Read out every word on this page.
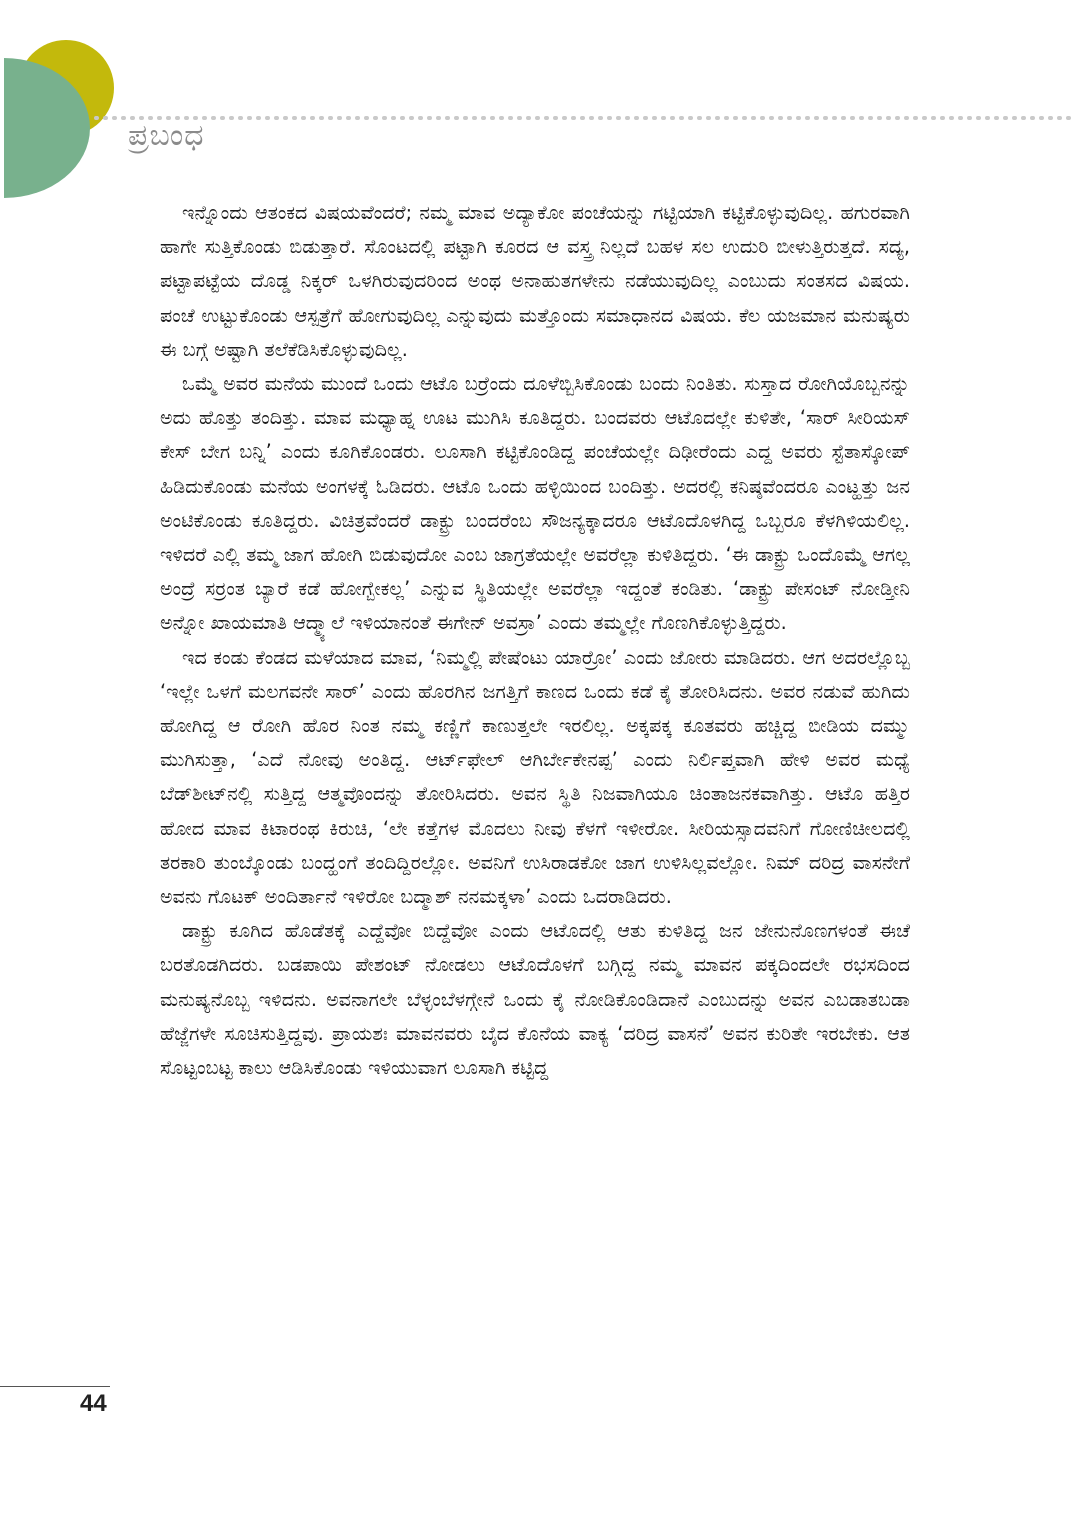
ಪ್ರಬಂಧ

ಇನ್ನೊಂದು ಆತಂಕದ ವಿಷಯವೆಂದರೆ; ನಮ್ಮ ಮಾವ ಅದ್ಯಾಕೋ ಪಂಚೆಯನ್ನು ಗಟ್ಟಿಯಾಗಿ ಕಟ್ಟಿಕೊಳ್ಳುವುದಿಲ್ಲ. ಹಗುರವಾಗಿ ಹಾಗೇ ಸುತ್ತಿಕೊಂಡು ಬಿಡುತ್ತಾರೆ. ಸೊಂಟದಲ್ಲಿ ಪಟ್ಟಾಗಿ ಕೂರದ ಆ ವಸ್ತ್ರ ನಿಲ್ಲದೆ ಬಹಳ ಸಲ ಉದುರಿ ಬೀಳುತ್ತಿರುತ್ತದೆ. ಸದ್ಯ, ಪಟ್ಟಾಪಟ್ಟೆಯ ದೊಡ್ಡ ನಿಕ್ಕರ್ ಒಳಗಿರುವುದರಿಂದ ಅಂಥ ಅನಾಹುತಗಳೇನು ನಡೆಯುವುದಿಲ್ಲ ಎಂಬುದು ಸಂತಸದ ವಿಷಯ. ಪಂಚೆ ಉಟ್ಟುಕೊಂಡು ಆಸ್ಪತ್ರೆಗೆ ಹೋಗುವುದಿಲ್ಲ ಎನ್ನುವುದು ಮತ್ತೊಂದು ಸಮಾಧಾನದ ವಿಷಯ. ಕೆಲ ಯಜಮಾನ ಮನುಷ್ಯರು ಈ ಬಗ್ಗೆ ಅಷ್ಟಾಗಿ ತಲೆಕೆಡಿಸಿಕೊಳ್ಳುವುದಿಲ್ಲ.

ಒಮ್ಮೆ ಅವರ ಮನೆಯ ಮುಂದೆ ಒಂದು ಆಟೊ ಬರ್‍ರೆಂದು ದೂಳೆಬ್ಬಿಸಿಕೊಂಡು ಬಂದು ನಿಂತಿತು. ಸುಸ್ತಾದ ರೋಗಿಯೊಬ್ಬನನ್ನು ಅದು ಹೊತ್ತು ತಂದಿತ್ತು. ಮಾವ ಮಧ್ಯಾಹ್ನ ಊಟ ಮುಗಿಸಿ ಕೂತಿದ್ದರು. ಬಂದವರು ಆಟೊದಲ್ಲೇ ಕುಳಿತೇ, ‘ಸಾರ್ ಸೀರಿಯಸ್ ಕೇಸ್ ಬೇಗ ಬನ್ನಿ’ ಎಂದು ಕೂಗಿಕೊಂಡರು. ಲೂಸಾಗಿ ಕಟ್ಟಿಕೊಂಡಿದ್ದ ಪಂಚೆಯಲ್ಲೇ ದಿಢೀರೆಂದು ಎದ್ದ ಅವರು ಸ್ಟೆತಾಸ್ಕೋಪ್ ಹಿಡಿದುಕೊಂಡು ಮನೆಯ ಅಂಗಳಕ್ಕೆ ಓಡಿದರು. ಆಟೊ ಒಂದು ಹಳ್ಳಿಯಿಂದ ಬಂದಿತ್ತು. ಅದರಲ್ಲಿ ಕನಿಷ್ಠವೆಂದರೂ ಎಂಟ್ಹತ್ತು ಜನ ಅಂಟಿಕೊಂಡು ಕೂತಿದ್ದರು. ವಿಚಿತ್ರವೆಂದರೆ ಡಾಕ್ಟ್ರು ಬಂದರೆಂಬ ಸೌಜನ್ಯಕ್ಕಾದರೂ ಆಟೊದೊಳಗಿದ್ದ ಒಬ್ಬರೂ ಕೆಳಗಿಳಿಯಲಿಲ್ಲ. ಇಳಿದರೆ ಎಲ್ಲಿ ತಮ್ಮ ಜಾಗ ಹೋಗಿ ಬಿಡುವುದೋ ಎಂಬ ಜಾಗ್ರತೆಯಲ್ಲೇ ಅವರೆಲ್ಲಾ ಕುಳಿತಿದ್ದರು. ‘ಈ ಡಾಕ್ಟ್ರು ಒಂದೊಮ್ಮೆ ಆಗಲ್ಲ ಅಂದ್ರೆ ಸರ್ರಂತ ಬ್ಯಾರೆ ಕಡೆ ಹೋಗ್ಬೇಕಲ್ಲ’ ಎನ್ನುವ ಸ್ಥಿತಿಯಲ್ಲೇ ಅವರೆಲ್ಲಾ ಇದ್ದಂತೆ ಕಂಡಿತು. ‘ಡಾಕ್ಟ್ರು ಪೇಸಂಟ್ ನೋಡ್ತೀನಿ ಅನ್ನೋ ಖಾಯಮಾತಿ ಆದ್ಮ್ಯಾಲೆ ಇಳಿಯಾನಂತೆ ಈಗೇನ್ ಅವಸ್ರಾ’ ಎಂದು ತಮ್ಮಲ್ಲೇ ಗೊಣಗಿಕೊಳ್ಳುತ್ತಿದ್ದರು.

ಇದ ಕಂಡು ಕೆಂಡದ ಮಳೆಯಾದ ಮಾವ, ‘ನಿಮ್ಮಲ್ಲಿ ಪೇಷೆಂಟು ಯಾರ್‍ರೋ’ ಎಂದು ಜೋರು ಮಾಡಿದರು. ಆಗ ಅದರಲ್ಲೊಬ್ಬ ‘ಇಲ್ಲೇ ಒಳಗೆ ಮಲಗವನೇ ಸಾರ್’ ಎಂದು ಹೊರಗಿನ ಜಗತ್ತಿಗೆ ಕಾಣದ ಒಂದು ಕಡೆ ಕೈ ತೋರಿಸಿದನು. ಅವರ ನಡುವೆ ಹುಗಿದು ಹೋಗಿದ್ದ ಆ ರೋಗಿ ಹೊರ ನಿಂತ ನಮ್ಮ ಕಣ್ಣಿಗೆ ಕಾಣುತ್ತಲೇ ಇರಲಿಲ್ಲ. ಅಕ್ಕಪಕ್ಕ ಕೂತವರು ಹಚ್ಚಿದ್ದ ಬೀಡಿಯ ದಮ್ಮು ಮುಗಿಸುತ್ತಾ, ‘ಎದೆ ನೋವು ಅಂತಿದ್ದ. ಆರ್ಟ್‌ಫೇಲ್ ಆಗಿರ್ಬೇಕೇನಪ್ಪ’ ಎಂದು ನಿರ್ಲಿಪ್ತವಾಗಿ ಹೇಳಿ ಅವರ ಮಧ್ಯೆ ಬೆಡ್‌ಶೀಟ್‌ನಲ್ಲಿ ಸುತ್ತಿದ್ದ ಆತ್ಮವೊಂದನ್ನು ತೋರಿಸಿದರು. ಅವನ ಸ್ಥಿತಿ ನಿಜವಾಗಿಯೂ ಚಿಂತಾಜನಕವಾಗಿತ್ತು. ಆಟೊ ಹತ್ತಿರ ಹೋದ ಮಾವ ಕಿಟಾರಂಥ ಕಿರುಚಿ, ‘ಲೇ ಕತ್ತೆಗಳ ಮೊದಲು ನೀವು ಕೆಳಗೆ ಇಳೀರೋ. ಸೀರಿಯಸ್ಸಾದವನಿಗೆ ಗೋಣಿಚೀಲದಲ್ಲಿ ತರಕಾರಿ ತುಂಬ್ಕೊಂಡು ಬಂದ್ಹಂಗೆ ತಂದಿದ್ದಿರಲ್ಲೋ. ಅವನಿಗೆ ಉಸಿರಾಡಕೋ ಜಾಗ ಉಳಿಸಿಲ್ಲವಲ್ಲೋ. ನಿಮ್ ದರಿದ್ರ ವಾಸನೇಗೆ ಅವನು ಗೊಟಕ್ ಅಂದಿರ್ತಾನೆ ಇಳಿರೋ ಬದ್ಮಾಶ್ ನನಮಕ್ಕಳಾ’ ಎಂದು ಒದರಾಡಿದರು.

ಡಾಕ್ಟ್ರು ಕೂಗಿದ ಹೊಡೆತಕ್ಕೆ ಎದ್ದೆವೋ ಬಿದ್ದೆವೋ ಎಂದು ಆಟೊದಲ್ಲಿ ಆತು ಕುಳಿತಿದ್ದ ಜನ ಜೇನುನೊಣಗಳಂತೆ ಈಚೆ ಬರತೊಡಗಿದರು. ಬಡಪಾಯಿ ಪೇಶಂಟ್ ನೋಡಲು ಆಟೊದೊಳಗೆ ಬಗ್ಗಿದ್ದ ನಮ್ಮ ಮಾವನ ಪಕ್ಕದಿಂದಲೇ ರಭಸದಿಂದ ಮನುಷ್ಯನೊಬ್ಬ ಇಳಿದನು. ಅವನಾಗಲೇ ಬೆಳ್ಳಂಬೆಳಗ್ಗೇನೆ ಒಂದು ಕೈ ನೋಡಿಕೊಂಡಿದಾನೆ ಎಂಬುದನ್ನು ಅವನ ಎಬಡಾತಬಡಾ ಹೆಜ್ಜೆಗಳೇ ಸೂಚಿಸುತ್ತಿದ್ದವು. ಪ್ರಾಯಶಃ ಮಾವನವರು ಬೈದ ಕೊನೆಯ ವಾಕ್ಯ ‘ದರಿದ್ರ ವಾಸನೆ’ ಅವನ ಕುರಿತೇ ಇರಬೇಕು. ಆತ ಸೊಟ್ಟಂಬಟ್ಟ ಕಾಲು ಆಡಿಸಿಕೊಂಡು ಇಳಿಯುವಾಗ ಲೂಸಾಗಿ ಕಟ್ಟಿದ್ದ

44
